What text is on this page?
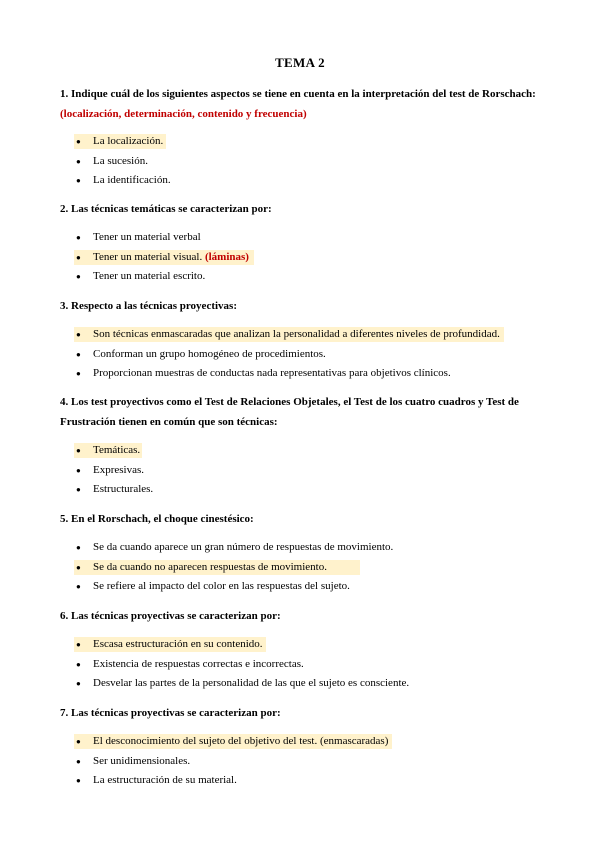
TEMA 2
1. Indique cuál de los siguientes aspectos se tiene en cuenta en la interpretación del test de Rorschach:
(localización, determinación, contenido y frecuencia)
● La localización.
● La sucesión.
● La identificación.
2. Las técnicas temáticas se caracterizan por:
● Tener un material verbal
● Tener un material visual. (láminas)
● Tener un material escrito.
3. Respecto a las técnicas proyectivas:
● Son técnicas enmascaradas que analizan la personalidad a diferentes niveles de profundidad.
● Conforman un grupo homogéneo de procedimientos.
● Proporcionan muestras de conductas nada representativas para objetivos clínicos.
4. Los test proyectivos como el Test de Relaciones Objetales, el Test de los cuatro cuadros y Test de Frustración tienen en común que son técnicas:
● Temáticas.
● Expresivas.
● Estructurales.
5. En el Rorschach, el choque cinestésico:
● Se da cuando aparece un gran número de respuestas de movimiento.
● Se da cuando no aparecen respuestas de movimiento.
● Se refiere al impacto del color en las respuestas del sujeto.
6. Las técnicas proyectivas se caracterizan por:
● Escasa estructuración en su contenido.
● Existencia de respuestas correctas e incorrectas.
● Desvelar las partes de la personalidad de las que el sujeto es consciente.
7. Las técnicas proyectivas se caracterizan por:
● El desconocimiento del sujeto del objetivo del test. (enmascaradas)
● Ser unidimensionales.
● La estructuración de su material.
